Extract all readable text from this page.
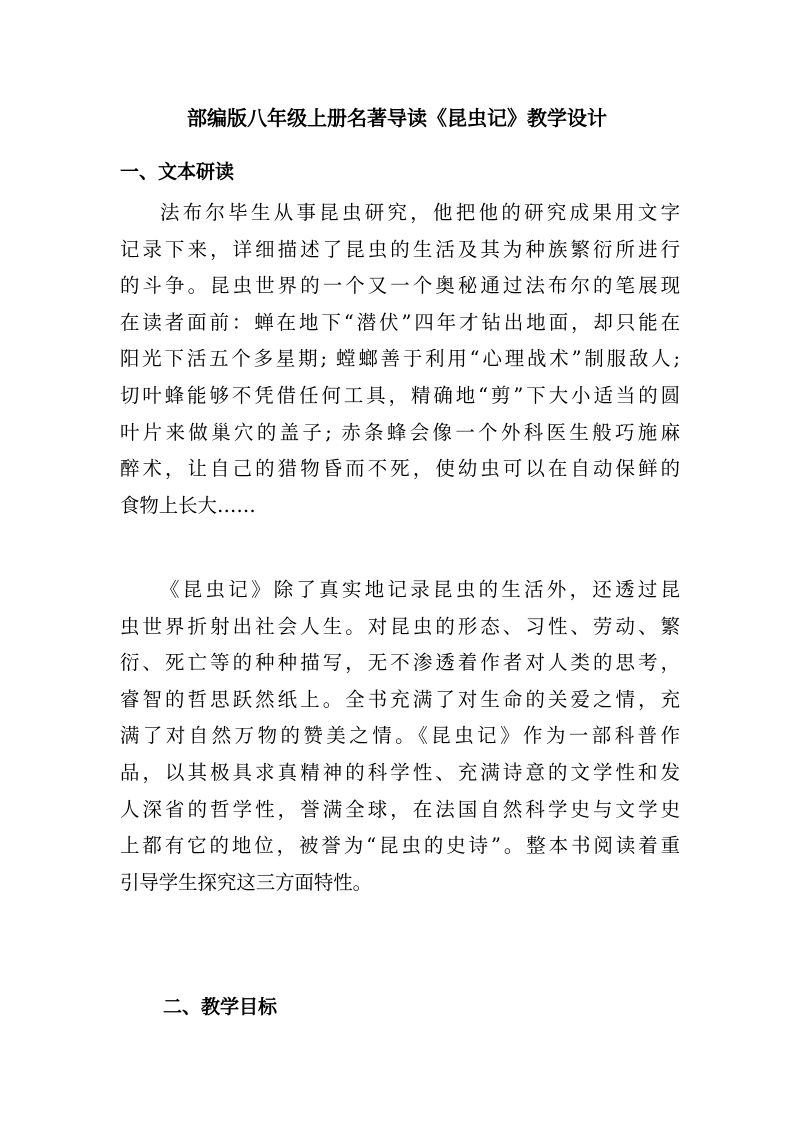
部编版八年级上册名著导读《昆虫记》教学设计
一、文本研读
法布尔毕生从事昆虫研究，他把他的研究成果用文字
记录下来，详细描述了昆虫的生活及其为种族繁衍所进行
的斗争。昆虫世界的一个又一个奥秘通过法布尔的笔展现
在读者面前：蝉在地下“潜伏”四年才钻出地面，却只能在
阳光下活五个多星期; 螳螂善于利用“心理战术”制服敌人;
切叶蜂能够不凭借任何工具，精确地“剪”下大小适当的圆
叶片来做巢穴的盖子; 赤条蜂会像一个外科医生般巧施麻
醉术，让自己的猎物昏而不死，使幼虫可以在自动保鲜的
食物上长大……
《昆虫记》除了真实地记录昆虫的生活外，还透过昆
虫世界折射出社会人生。对昆虫的形态、习性、劳动、繁
衍、死亡等的种种描写，无不渗透着作者对人类的思考，
睿智的哲思跃然纸上。全书充满了对生命的关爱之情，充
满了对自然万物的赞美之情。《昆虫记》作为一部科普作
品，以其极具求真精神的科学性、充满诗意的文学性和发
人深省的哲学性，誉满全球，在法国自然科学史与文学史
上都有它的地位，被誉为“昆虫的史诗”。整本书阅读着重
引导学生探究这三方面特性。
二、教学目标
